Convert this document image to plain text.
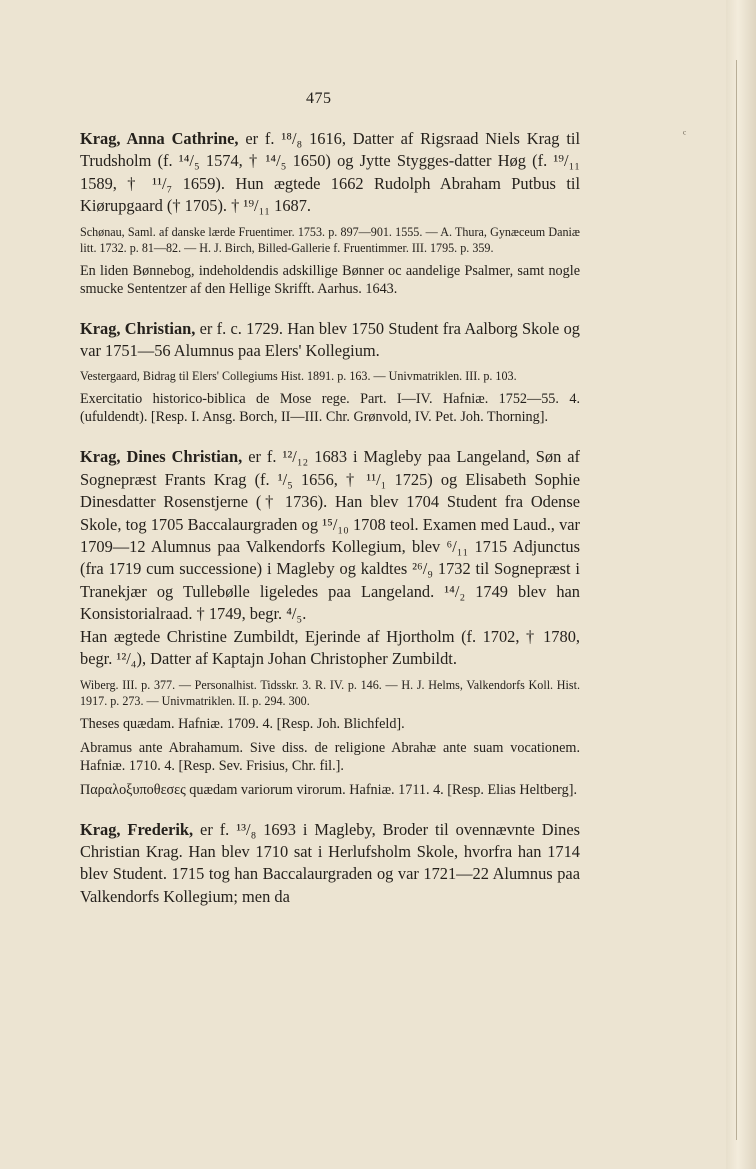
475
ᶜ

Krag, Anna Cathrine, er f. ¹⁸/₈ 1616, Datter af Rigsraad Niels Krag til Trudsholm (f. ¹⁴/₅ 1574, † ¹⁴/₅ 1650) og Jytte Stygges-datter Høg (f. ¹⁹/₁₁ 1589, † ¹¹/₇ 1659). Hun ægtede 1662 Rudolph Abraham Putbus til Kiørupgaard († 1705). † ¹⁹/₁₁ 1687.

Schønau, Saml. af danske lærde Fruentimer. 1753. p. 897—901. 1555. — A. Thura, Gynæceum Daniæ litt. 1732. p. 81—82. — H. J. Birch, Billed-Gallerie f. Fruentimmer. III. 1795. p. 359.

En liden Bønnebog, indeholdendis adskillige Bønner oc aandelige Psalmer, samt nogle smucke Sententzer af den Hellige Skrifft. Aarhus. 1643.

Krag, Christian, er f. c. 1729. Han blev 1750 Student fra Aalborg Skole og var 1751—56 Alumnus paa Elers' Kollegium.

Vestergaard, Bidrag til Elers' Collegiums Hist. 1891. p. 163. — Univmatriklen. III. p. 103.

Exercitatio historico-biblica de Mose rege. Part. I—IV. Hafniæ. 1752—55. 4. (ufuldendt). [Resp. I. Ansg. Borch, II—III. Chr. Grønvold, IV. Pet. Joh. Thorning].

Krag, Dines Christian, er f. ¹²/₁₂ 1683 i Magleby paa Langeland, Søn af Sognepræst Frants Krag (f. ¹/₅ 1656, † ¹¹/₁ 1725) og Elisabeth Sophie Dinesdatter Rosenstjerne († 1736). Han blev 1704 Student fra Odense Skole, tog 1705 Baccalaurgraden og ¹⁵/₁₀ 1708 teol. Examen med Laud., var 1709—12 Alumnus paa Valkendorfs Kollegium, blev ⁶/₁₁ 1715 Adjunctus (fra 1719 cum successione) i Magleby og kaldtes ²⁶/₉ 1732 til Sognepræst i Tranekjær og Tullebølle ligeledes paa Langeland. ¹⁴/₂ 1749 blev han Konsistorialraad. † 1749, begr. ⁴/₅.

Han ægtede Christine Zumbildt, Ejerinde af Hjortholm (f. 1702, † 1780, begr. ¹²/₄), Datter af Kaptajn Johan Christopher Zumbildt.

Wiberg. III. p. 377. — Personalhist. Tidsskr. 3. R. IV. p. 146. — H. J. Helms, Valkendorfs Koll. Hist. 1917. p. 273. — Univmatriklen. II. p. 294. 300.

Theses quædam. Hafniæ. 1709. 4. [Resp. Joh. Blichfeld].

Abramus ante Abrahamum. Sive diss. de religione Abrahæ ante suam vocationem. Hafniæ. 1710. 4. [Resp. Sev. Frisius, Chr. fil.].

Παραλοξυποθεσες quædam variorum virorum. Hafniæ. 1711. 4. [Resp. Elias Heltberg].

Krag, Frederik, er f. ¹³/₈ 1693 i Magleby, Broder til ovennævnte Dines Christian Krag. Han blev 1710 sat i Herlufsholm Skole, hvorfra han 1714 blev Student. 1715 tog han Baccalaurgraden og var 1721—22 Alumnus paa Valkendorfs Kollegium; men da
